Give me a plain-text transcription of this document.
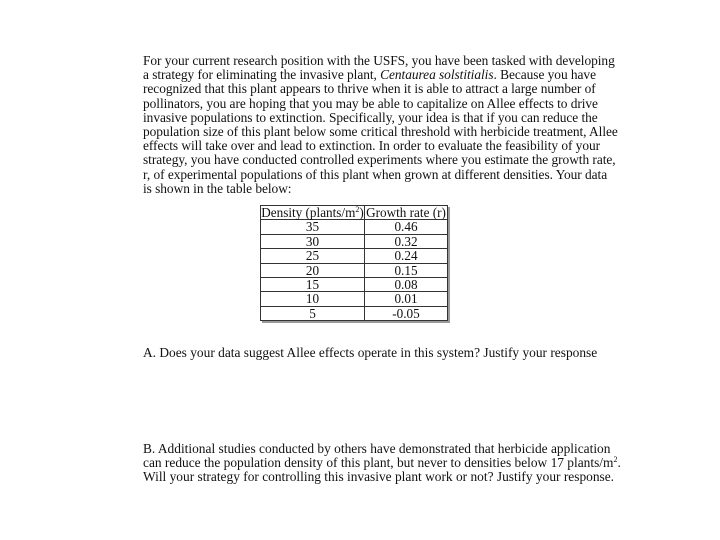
For your current research position with the USFS, you have been tasked with developing
a strategy for eliminating the invasive plant, Centaurea solstitialis. Because you have
recognized that this plant appears to thrive when it is able to attract a large number of
pollinators, you are hoping that you may be able to capitalize on Allee effects to drive
invasive populations to extinction. Specifically, your idea is that if you can reduce the
population size of this plant below some critical threshold with herbicide treatment, Allee
effects will take over and lead to extinction. In order to evaluate the feasibility of your
strategy, you have conducted controlled experiments where you estimate the growth rate,
r, of experimental populations of this plant when grown at different densities. Your data
is shown in the table below:
Density $(plants/m^2)$	Growth rate (r)
35	0.46
30	0.32
25	0.24
20	0.15
15	0.08
10	0.01
5	-0.05
A. Does your data suggest Allee effects operate in this system? Justify your response
B. Additional studies conducted by others have demonstrated that herbicide application
can reduce the population density of this plant, but never to densities below 17 plants/$m^2$.
Will your strategy for controlling this invasive plant work or not? Justify your response.
